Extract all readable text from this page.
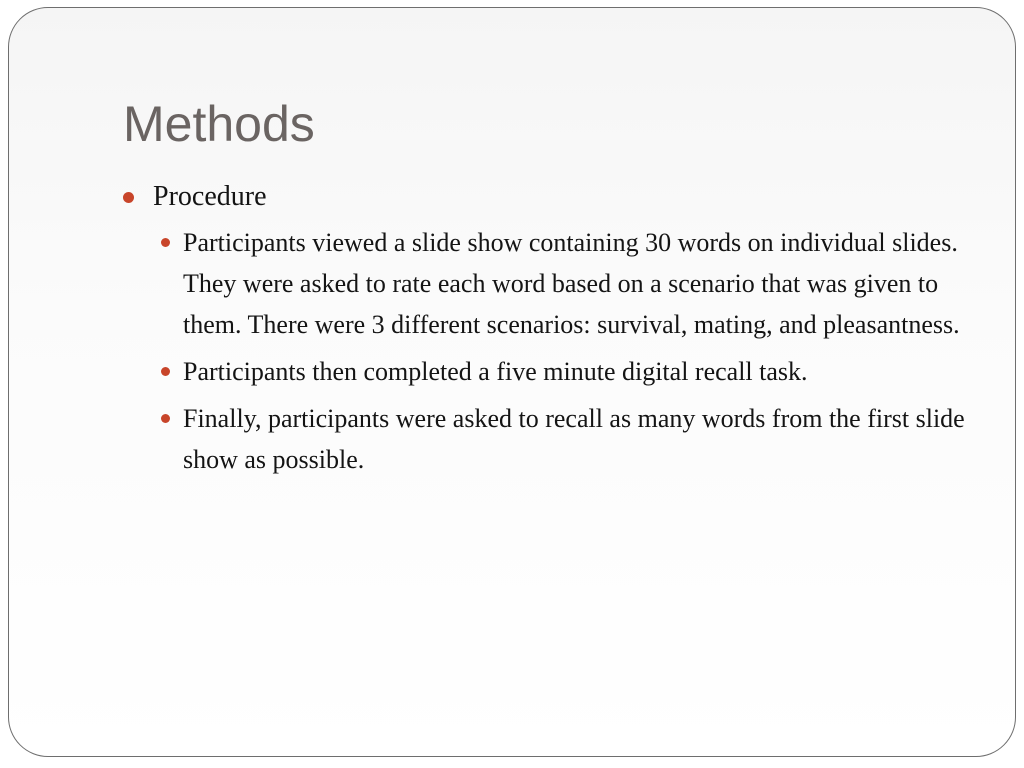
Methods
Procedure
Participants viewed a slide show containing 30 words on individual slides. They were asked to rate each word based on a scenario that was given to them. There were 3 different scenarios: survival, mating, and pleasantness.
Participants then completed a five minute digital recall task.
Finally, participants were asked to recall as many words from the first slide show as possible.
